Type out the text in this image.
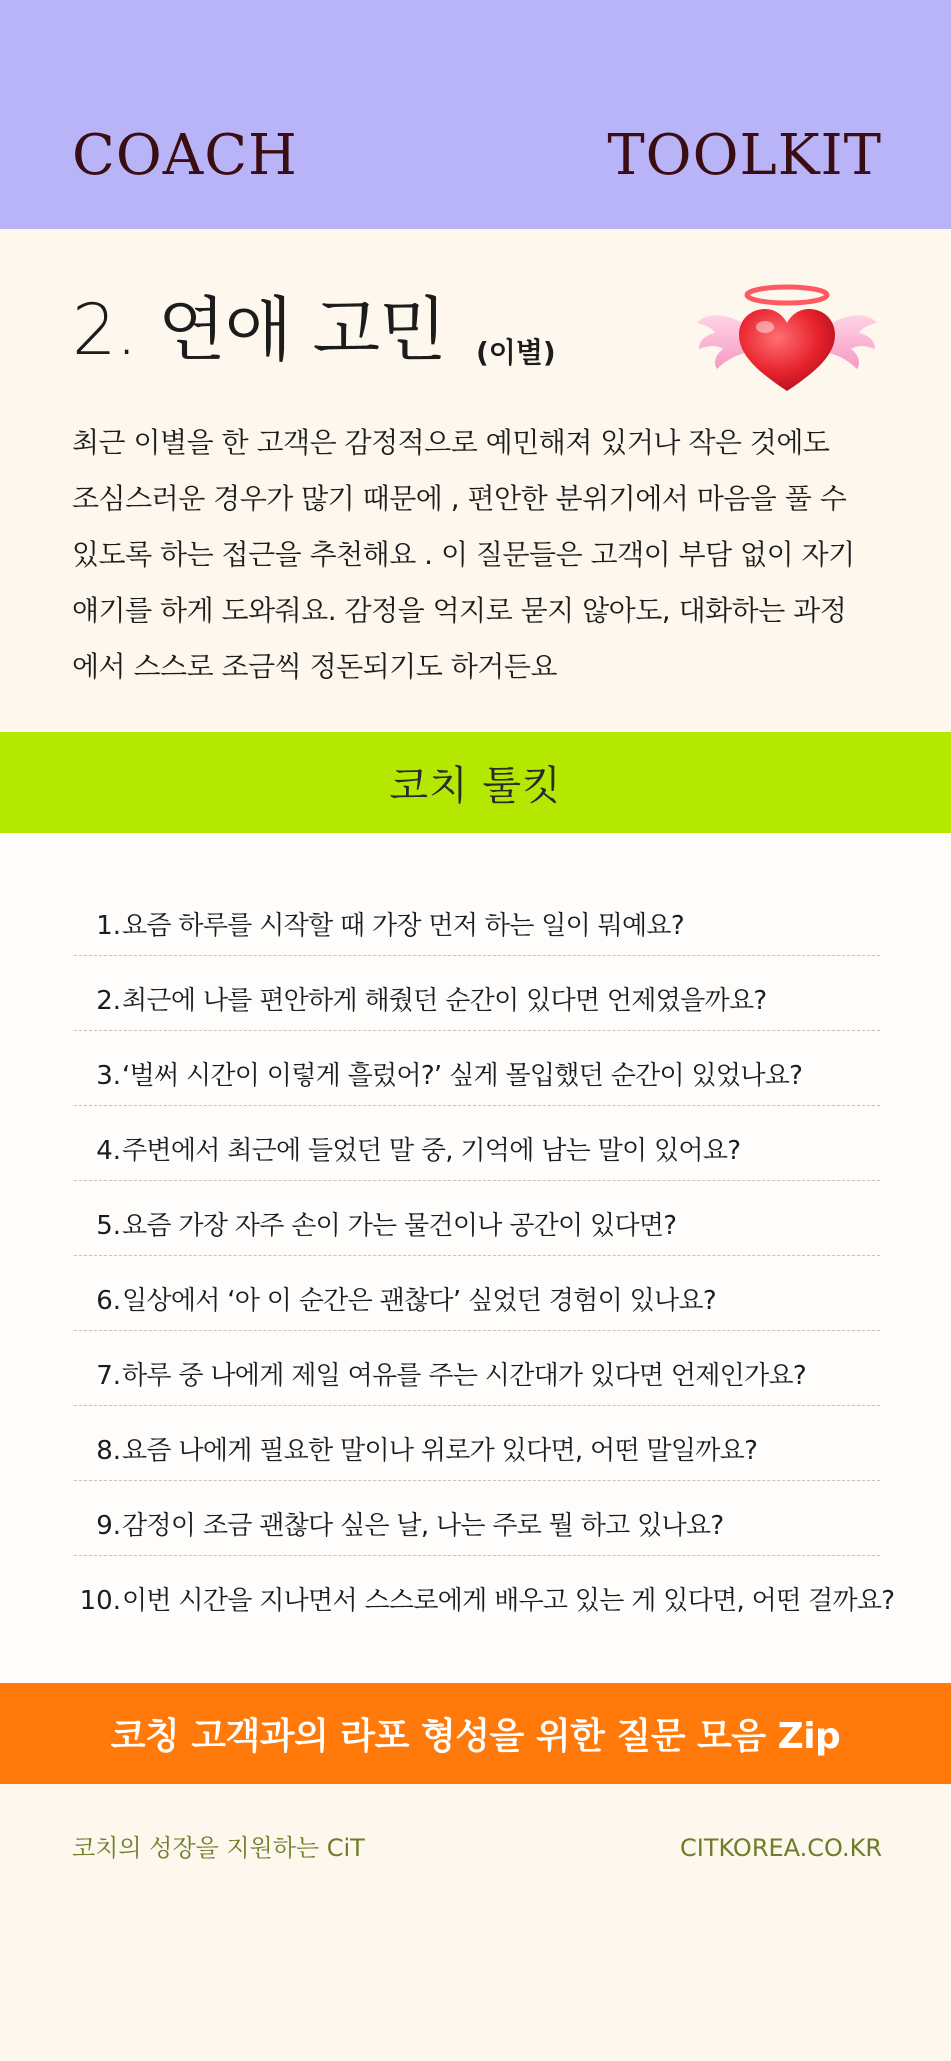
COACH	TOOLKIT
2. 연애 고민 (이별)
최근 이별을 한 고객은 감정적으로 예민해져 있거나 작은 것에도
조심스러운 경우가 많기 때문에 , 편안한 분위기에서 마음을 풀 수
있도록 하는 접근을 추천해요 . 이 질문들은 고객이 부담 없이 자기
얘기를 하게 도와줘요. 감정을 억지로 묻지 않아도, 대화하는 과정
에서 스스로 조금씩 정돈되기도 하거든요
코치 툴킷
1. 요즘 하루를 시작할 때 가장 먼저 하는 일이 뭐예요?
2. 최근에 나를 편안하게 해줬던 순간이 있다면 언제였을까요?
3. ‘벌써 시간이 이렇게 흘렀어?’ 싶게 몰입했던 순간이 있었나요?
4. 주변에서 최근에 들었던 말 중, 기억에 남는 말이 있어요?
5. 요즘 가장 자주 손이 가는 물건이나 공간이 있다면?
6. 일상에서 ‘아 이 순간은 괜찮다’ 싶었던 경험이 있나요?
7. 하루 중 나에게 제일 여유를 주는 시간대가 있다면 언제인가요?
8. 요즘 나에게 필요한 말이나 위로가 있다면, 어떤 말일까요?
9. 감정이 조금 괜찮다 싶은 날, 나는 주로 뭘 하고 있나요?
10. 이번 시간을 지나면서 스스로에게 배우고 있는 게 있다면, 어떤 걸까요?
코칭 고객과의 라포 형성을 위한 질문 모음 Zip
코치의 성장을 지원하는 CiT	CITKOREA.CO.KR
